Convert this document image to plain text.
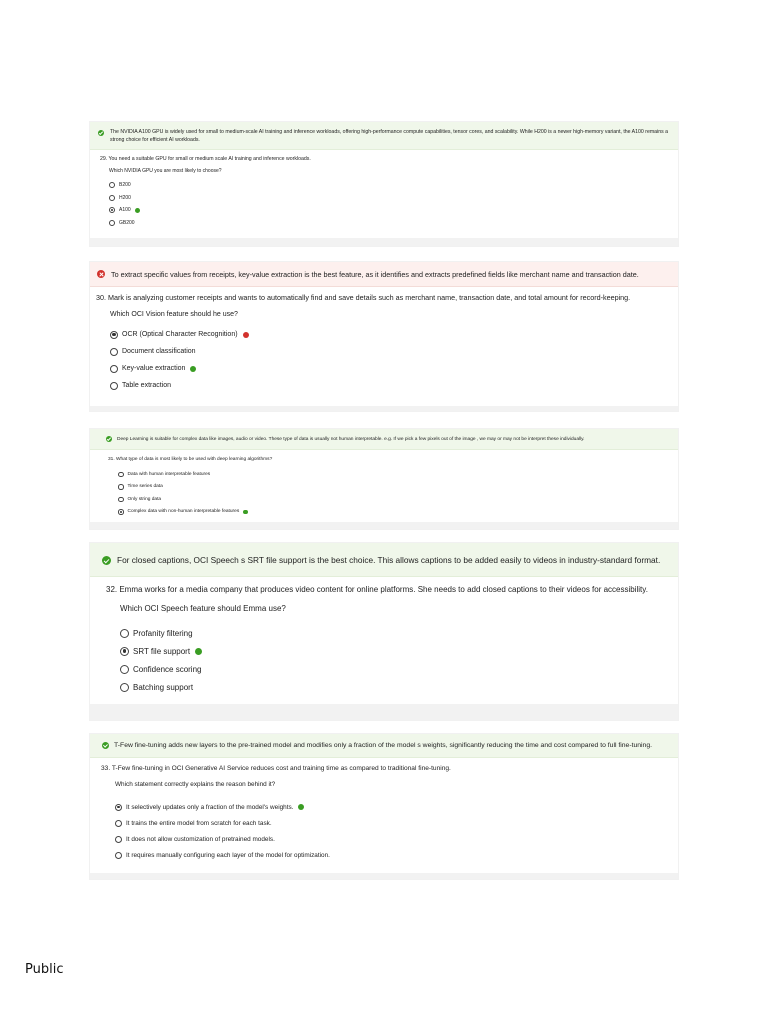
The NVIDIA A100 GPU is widely used for small to medium-scale AI training and inference workloads, offering high-performance compute capabilities, tensor cores, and scalability. While H200 is a newer high-memory variant, the A100 remains a strong choice for efficient AI workloads.

29. You need a suitable GPU for small or medium scale AI training and inference workloads.

Which NVIDIA GPU you are most likely to choose?

B200
H200
A100
GB200
To extract specific values from receipts, key-value extraction is the best feature, as it identifies and extracts predefined fields like merchant name and transaction date.

30. Mark is analyzing customer receipts and wants to automatically find and save details such as merchant name, transaction date, and total amount for record-keeping.

Which OCI Vision feature should he use?

OCR (Optical Character Recognition)
Document classification
Key-value extraction
Table extraction
Deep Learning is suitable for complex data like images, audio or video. These type of data is usually not human interpretable. e.g. If we pick a few pixels out of the image , we may or may not be interpret these individually.

31. What type of data is most likely to be used with deep learning algorithms?

Data with human interpretable features
Time series data
Only string data
Complex data with non-human interpretable features
For closed captions, OCI Speech s SRT file support is the best choice. This allows captions to be added easily to videos in industry-standard format.

32. Emma works for a media company that produces video content for online platforms. She needs to add closed captions to their videos for accessibility.

Which OCI Speech feature should Emma use?

Profanity filtering
SRT file support
Confidence scoring
Batching support
T-Few fine-tuning adds new layers to the pre-trained model and modifies only a fraction of the model s weights, significantly reducing the time and cost compared to full fine-tuning.

33. T-Few fine-tuning in OCI Generative AI Service reduces cost and training time as compared to traditional fine-tuning.

Which statement correctly explains the reason behind it?

It selectively updates only a fraction of the model's weights.
It trains the entire model from scratch for each task.
It does not allow customization of pretrained models.
It requires manually configuring each layer of the model for optimization.
Public
